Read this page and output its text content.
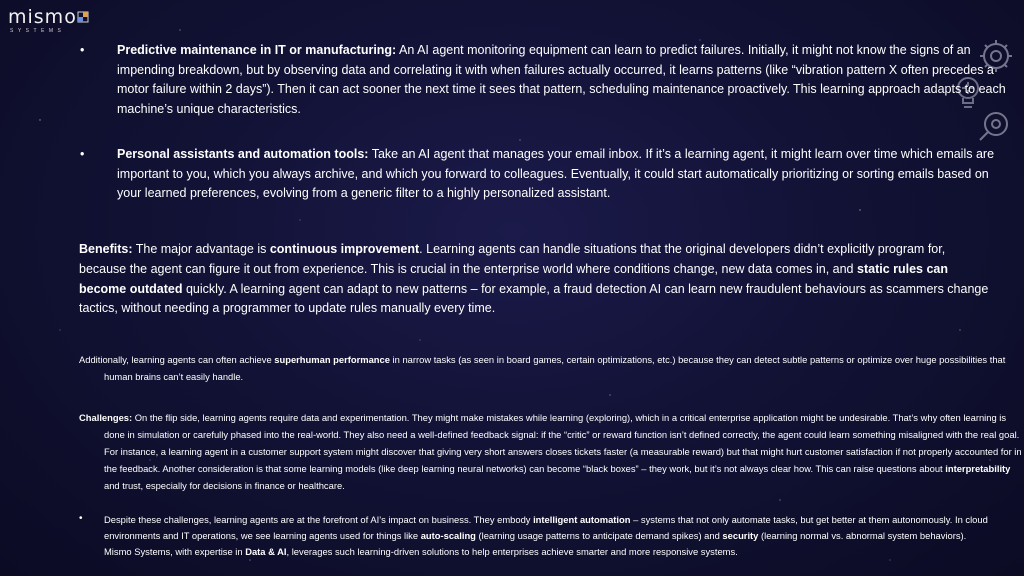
mismo
SYSTEMS
•	Predictive maintenance in IT or manufacturing: An AI agent monitoring equipment can learn to predict failures. Initially, it might not know the signs of an impending breakdown, but by observing data and correlating it with when failures actually occurred, it learns patterns (like “vibration pattern X often precedes a motor failure within 2 days”). Then it can act sooner the next time it sees that pattern, scheduling maintenance proactively. This learning approach adapts to each machine’s unique characteristics.
•	Personal assistants and automation tools: Take an AI agent that manages your email inbox. If it’s a learning agent, it might learn over time which emails are important to you, which you always archive, and which you forward to colleagues. Eventually, it could start automatically prioritizing or sorting emails based on your learned preferences, evolving from a generic filter to a highly personalized assistant.
Benefits: The major advantage is continuous improvement. Learning agents can handle situations that the original developers didn’t explicitly program for, because the agent can figure it out from experience. This is crucial in the enterprise world where conditions change, new data comes in, and static rules can become outdated quickly. A learning agent can adapt to new patterns – for example, a fraud detection AI can learn new fraudulent behaviours as scammers change tactics, without needing a programmer to update rules manually every time.
Additionally, learning agents can often achieve superhuman performance in narrow tasks (as seen in board games, certain optimizations, etc.) because they can detect subtle patterns or optimize over huge possibilities that human brains can’t easily handle.
Challenges: On the flip side, learning agents require data and experimentation. They might make mistakes while learning (exploring), which in a critical enterprise application might be undesirable. That’s why often learning is done in simulation or carefully phased into the real-world. They also need a well-defined feedback signal: if the “critic” or reward function isn’t defined correctly, the agent could learn something misaligned with the real goal. For instance, a learning agent in a customer support system might discover that giving very short answers closes tickets faster (a measurable reward) but that might hurt customer satisfaction if not properly accounted for in the feedback. Another consideration is that some learning models (like deep learning neural networks) can become “black boxes” – they work, but it’s not always clear how. This can raise questions about interpretability and trust, especially for decisions in finance or healthcare.
• Despite these challenges, learning agents are at the forefront of AI’s impact on business. They embody intelligent automation – systems that not only automate tasks, but get better at them autonomously. In cloud environments and IT operations, we see learning agents used for things like auto-scaling (learning usage patterns to anticipate demand spikes) and security (learning normal vs. abnormal system behaviors). Mismo Systems, with expertise in Data & AI, leverages such learning-driven solutions to help enterprises achieve smarter and more responsive systems.
